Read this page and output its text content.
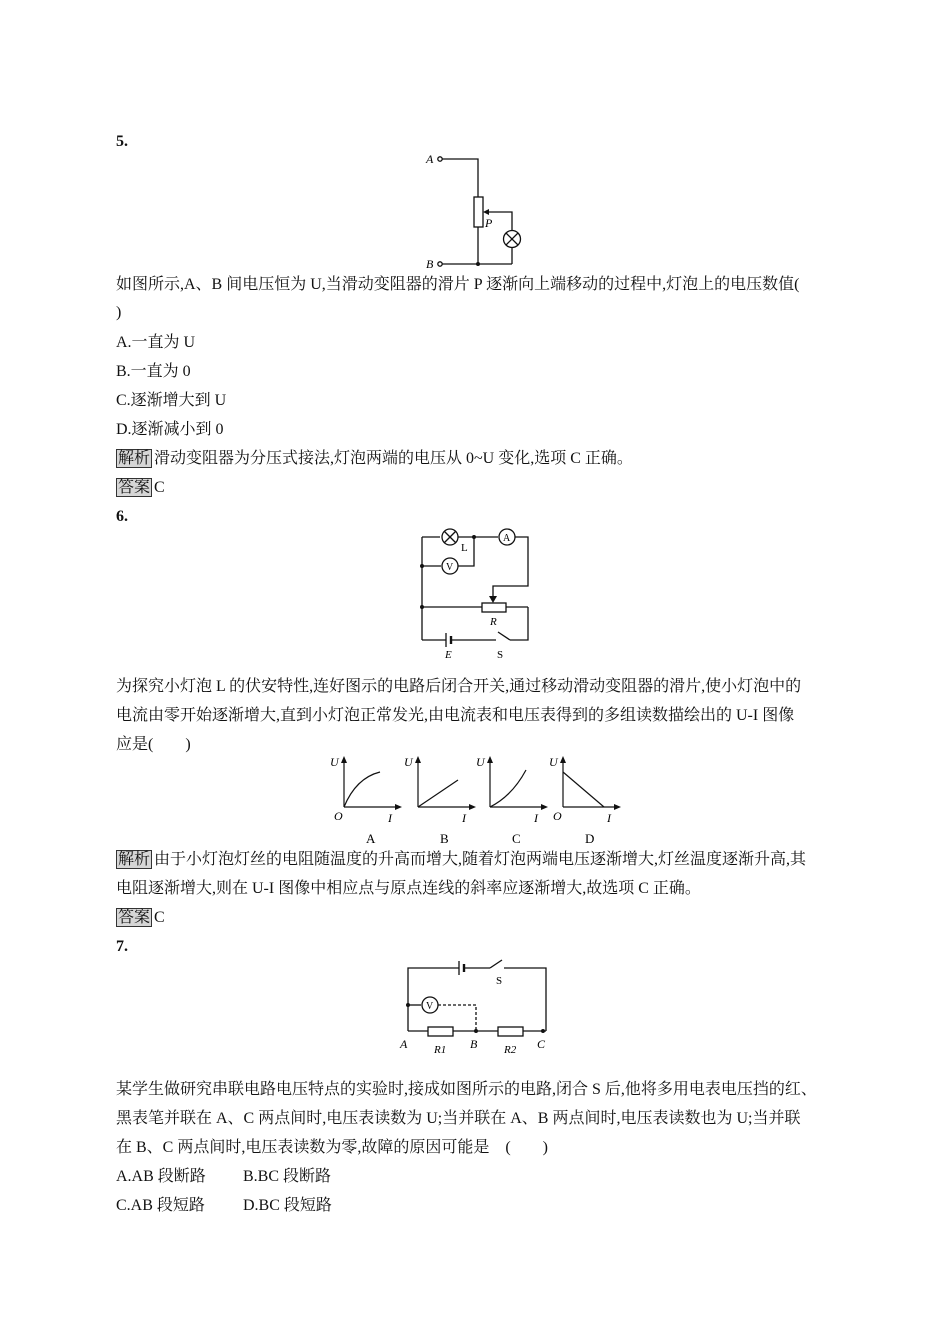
5.
A
B
P
如图所示,A、B 间电压恒为 U,当滑动变阻器的滑片 P 逐渐向上端移动的过程中,灯泡上的电压数值(
)
A.一直为 U
B.一直为 0
C.逐渐增大到 U
D.逐渐减小到 0
解析 滑动变阻器为分压式接法,灯泡两端的电压从 0~U 变化,选项 C 正确。
答案 C
6.
L
A
V
R
E	S
为探究小灯泡 L 的伏安特性,连好图示的电路后闭合开关,通过移动滑动变阻器的滑片,使小灯泡中的
电流由零开始逐渐增大,直到小灯泡正常发光,由电流表和电压表得到的多组读数描绘出的 U-I 图像
应是(　　)
U
I
O
U
I
U
I
U
I
O
A	B	C	D
解析 由于小灯泡灯丝的电阻随温度的升高而增大,随着灯泡两端电压逐渐增大,灯丝温度逐渐升高,其
电阻逐渐增大,则在 U-I 图像中相应点与原点连线的斜率应逐渐增大,故选项 C 正确。
答案 C
7.
V
S
A	B	C
R1	R2
某学生做研究串联电路电压特点的实验时,接成如图所示的电路,闭合 S 后,他将多用电表电压挡的红、
黑表笔并联在 A、C 两点间时,电压表读数为 U;当并联在 A、B 两点间时,电压表读数也为 U;当并联
在 B、C 两点间时,电压表读数为零,故障的原因可能是　(　　)
A.AB 段断路 B.BC 段断路
C.AB 段短路 D.BC 段短路
